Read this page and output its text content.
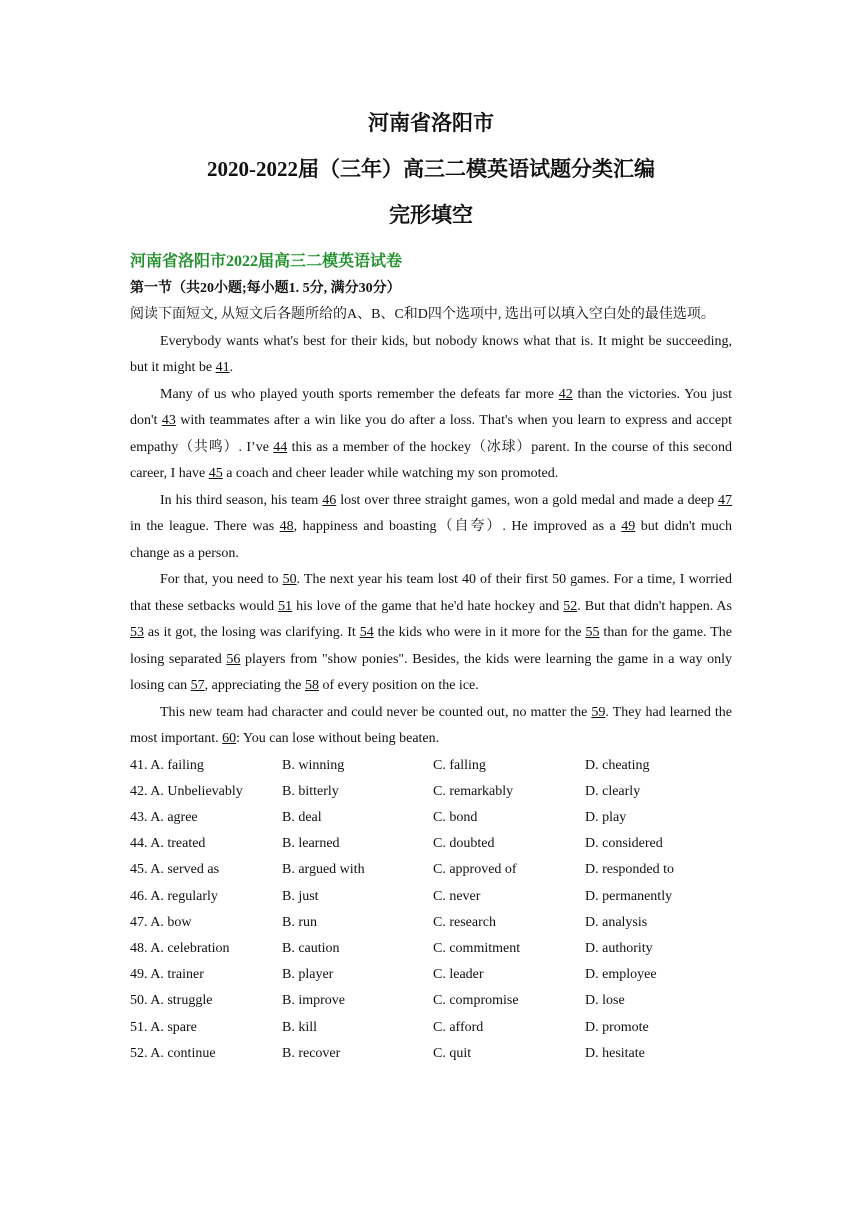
河南省洛阳市
2020-2022届（三年）高三二模英语试题分类汇编
完形填空
河南省洛阳市2022届高三二模英语试卷
第一节（共20小题;每小题1. 5分, 满分30分）

阅读下面短文, 从短文后各题所给的A、B、C和D四个选项中, 选出可以填入空白处的最佳选项。

Everybody wants what's best for their kids, but nobody knows what that is. It might be succeeding, but it might be 41.

Many of us who played youth sports remember the defeats far more 42 than the victories. You just don't 43 with teammates after a win like you do after a loss. That's when you learn to express and accept empathy（共鸣）. I’ve 44 this as a member of the hockey（冰球）parent. In the course of this second career, I have 45 a coach and cheer leader while watching my son promoted.

In his third season, his team 46 lost over three straight games, won a gold medal and made a deep 47 in the league. There was 48, happiness and boasting（自夸）. He improved as a 49 but didn't much change as a person.

For that, you need to 50. The next year his team lost 40 of their first 50 games. For a time, I worried that these setbacks would 51 his love of the game that he'd hate hockey and 52. But that didn't happen. As 53 as it got, the losing was clarifying. It 54 the kids who were in it more for the 55 than for the game. The losing separated 56 players from "show ponies". Besides, the kids were learning the game in a way only losing can 57, appreciating the 58 of every position on the ice.

This new team had character and could never be counted out, no matter the 59. They had learned the most important. 60: You can lose without being beaten.

41. A. failing	B. winning	C. falling	D. cheating
42. A. Unbelievably	B. bitterly	C. remarkably	D. clearly
43. A. agree	B. deal	C. bond	D. play
44. A. treated	B. learned	C. doubted	D. considered
45. A. served as	B. argued with	C. approved of	D. responded to
46. A. regularly	B. just	C. never	D. permanently
47. A. bow	B. run	C. research	D. analysis
48. A. celebration	B. caution	C. commitment	D. authority
49. A. trainer	B. player	C. leader	D. employee
50. A. struggle	B. improve	C. compromise	D. lose
51. A. spare	B. kill	C. afford	D. promote
52. A. continue	B. recover	C. quit	D. hesitate
